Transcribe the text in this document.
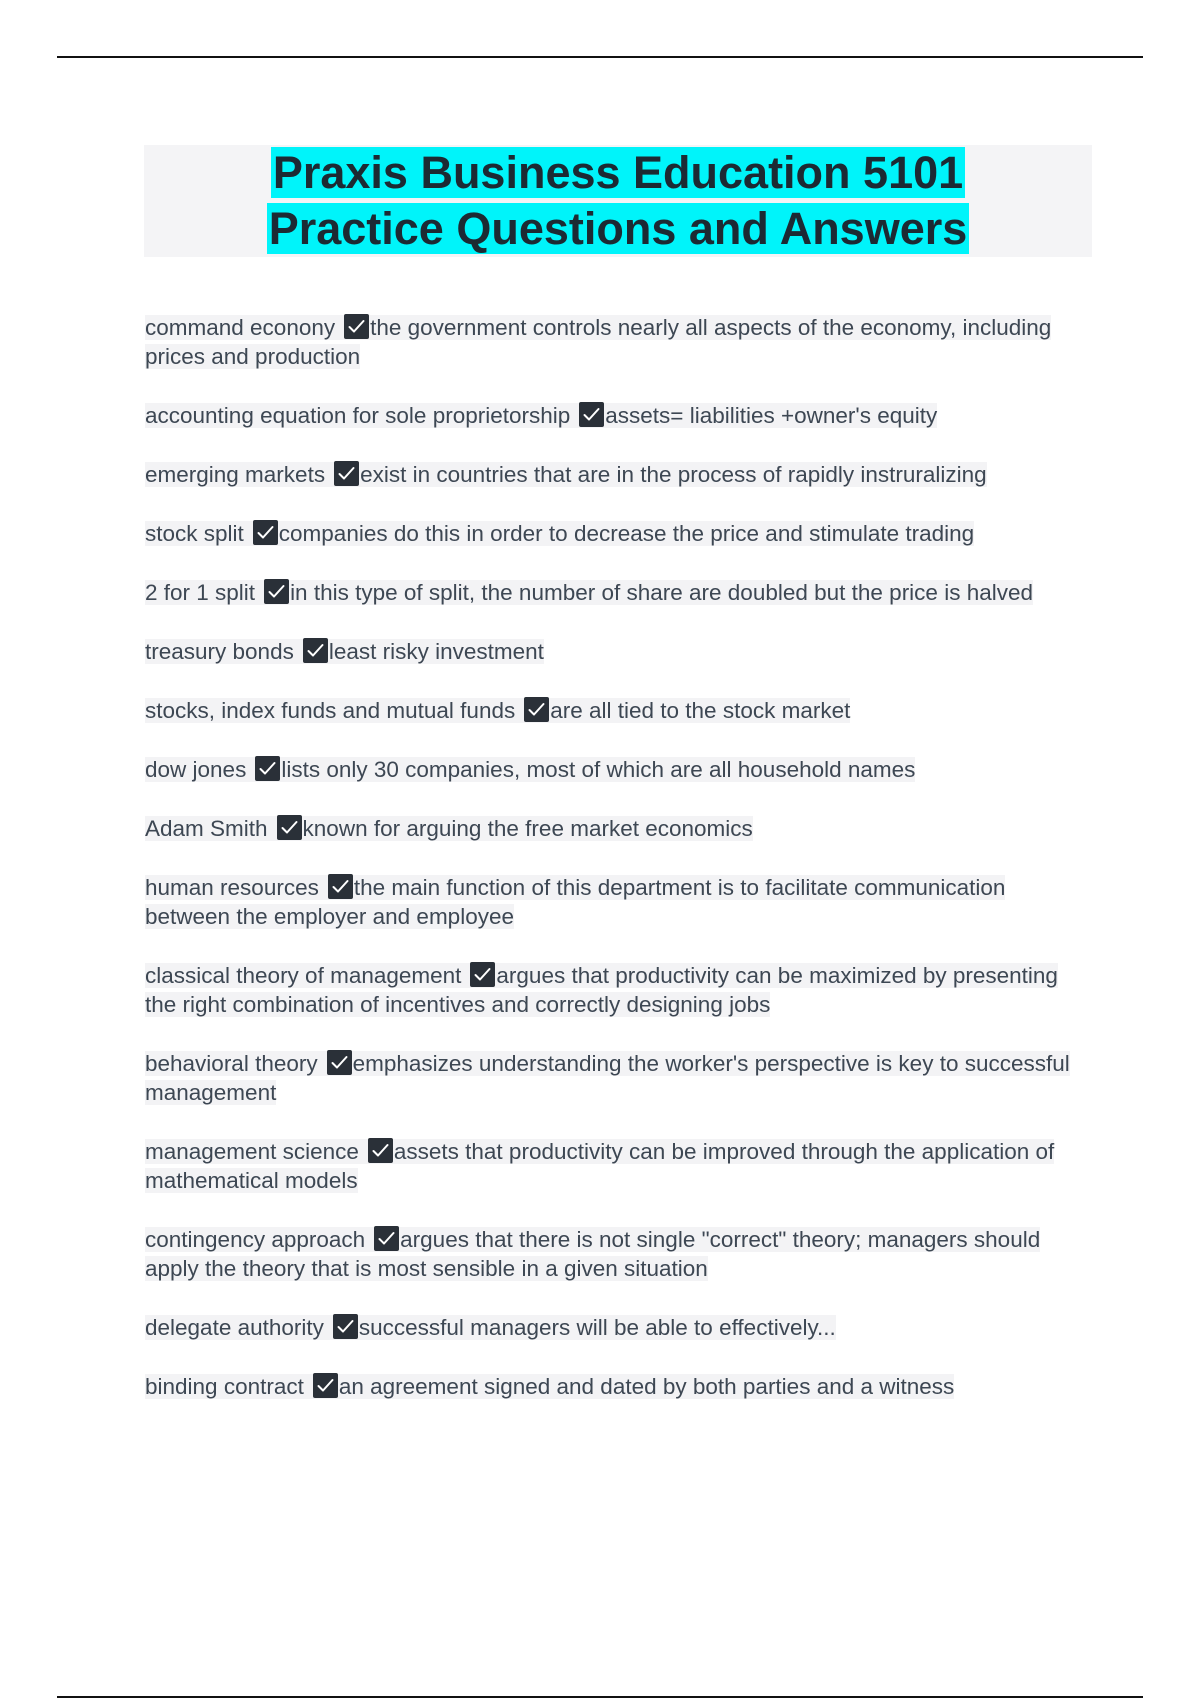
Praxis Business Education 5101
Practice Questions and Answers
command econony the government controls nearly all aspects of the economy, including prices and production
accounting equation for sole proprietorship assets= liabilities +owner's equity
emerging markets exist in countries that are in the process of rapidly instruralizing
stock split companies do this in order to decrease the price and stimulate trading
2 for 1 split in this type of split, the number of share are doubled but the price is halved
treasury bonds least risky investment
stocks, index funds and mutual funds are all tied to the stock market
dow jones lists only 30 companies, most of which are all household names
Adam Smith known for arguing the free market economics
human resources the main function of this department is to facilitate communication between the employer and employee
classical theory of management argues that productivity can be maximized by presenting the right combination of incentives and correctly designing jobs
behavioral theory emphasizes understanding the worker's perspective is key to successful management
management science assets that productivity can be improved through the application of mathematical models
contingency approach argues that there is not single "correct" theory; managers should apply the theory that is most sensible in a given situation
delegate authority successful managers will be able to effectively...
binding contract an agreement signed and dated by both parties and a witness
